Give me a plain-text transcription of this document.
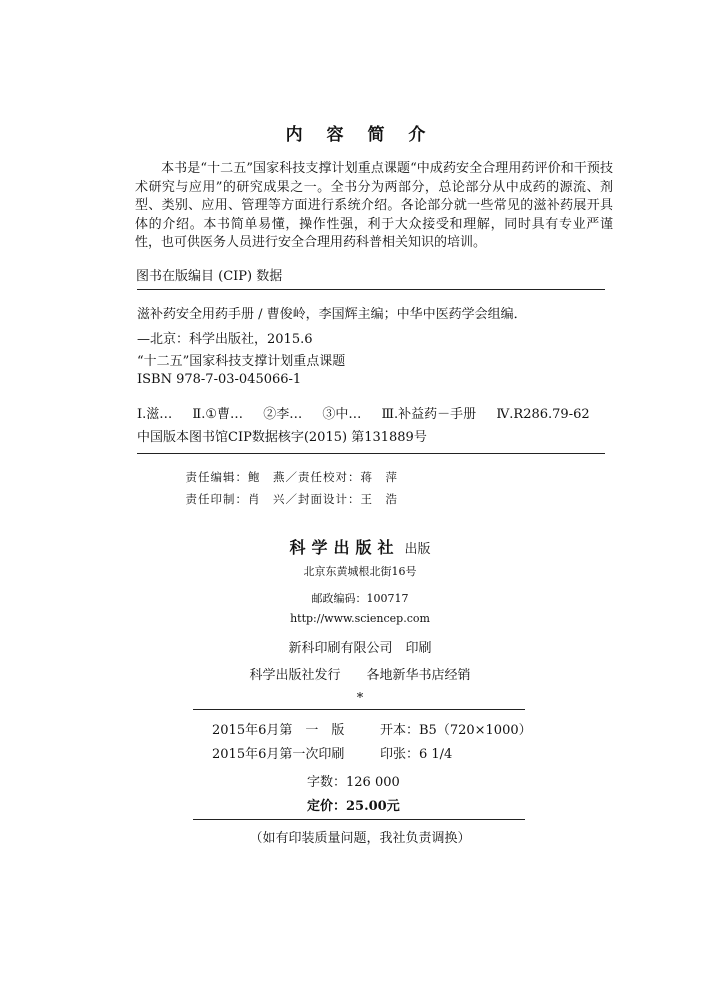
内 容 简 介

本书是“十二五”国家科技支撑计划重点课题“中成药安全合理用药评价和干预技术研究与应用”的研究成果之一。全书分为两部分，总论部分从中成药的源流、剂型、类别、应用、管理等方面进行系统介绍。各论部分就一些常见的滋补药展开具体的介绍。本书简单易懂，操作性强，利于大众接受和理解，同时具有专业严谨性，也可供医务人员进行安全合理用药科普相关知识的培训。

图书在版编目 (CIP) 数据
滋补药安全用药手册 / 曹俊岭，李国辉主编；中华中医药学会组编．
—北京：科学出版社，2015.6
“十二五”国家科技支撑计划重点课题
ISBN 978-7-03-045066-1
Ⅰ.滋… Ⅱ.①曹… ②李… ③中… Ⅲ.补益药－手册 Ⅳ.R286.79-62
中国版本图书馆CIP数据核字(2015) 第131889号
责任编辑：鲍　燕／责任校对：蒋　萍
责任印制：肖　兴／封面设计：王　浩
科学出版社 出版
北京东黄城根北街16号
邮政编码：100717
http://www.sciencep.com
新科印刷有限公司　印刷
科学出版社发行　　各地新华书店经销
*
2015年6月第　一　版	开本：B5（720×1000）
2015年6月第一次印刷	印张：6 1/4
字数：126 000
定价：25.00元
（如有印装质量问题，我社负责调换）
